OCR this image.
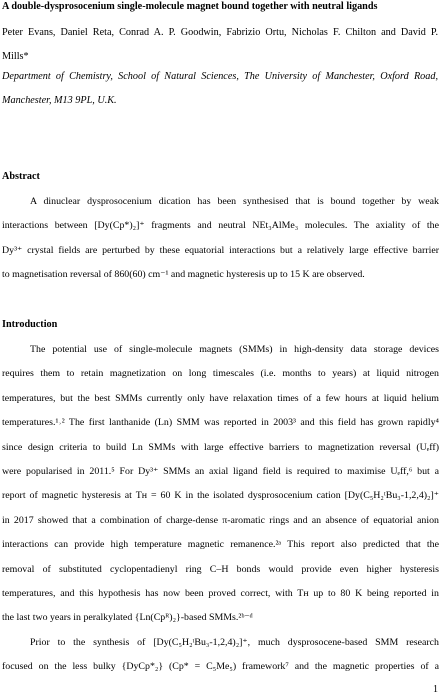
A double-dysprosocenium single-molecule magnet bound together with neutral ligands
Peter Evans, Daniel Reta, Conrad A. P. Goodwin, Fabrizio Ortu, Nicholas F. Chilton and David P.
Mills*
Department of Chemistry, School of Natural Sciences, The University of Manchester, Oxford Road,
Manchester, M13 9PL, U.K.
Abstract
A dinuclear dysprosocenium dication has been synthesised that is bound together by weak
interactions between [Dy(Cp*)₂]⁺ fragments and neutral NEt₃AlMe₃ molecules. The axiality of the
Dy³⁺ crystal fields are perturbed by these equatorial interactions but a relatively large effective barrier
to magnetisation reversal of 860(60) cm⁻¹ and magnetic hysteresis up to 15 K are observed.
Introduction
The potential use of single-molecule magnets (SMMs) in high-density data storage devices
requires them to retain magnetization on long timescales (i.e. months to years) at liquid nitrogen
temperatures, but the best SMMs currently only have relaxation times of a few hours at liquid helium
temperatures.¹˒² The first lanthanide (Ln) SMM was reported in 2003³ and this field has grown rapidly⁴
since design criteria to build Ln SMMs with large effective barriers to magnetization reversal (Uₑff)
were popularised in 2011.⁵ For Dy³⁺ SMMs an axial ligand field is required to maximise Uₑff,⁶ but a
report of magnetic hysteresis at Tʜ = 60 K in the isolated dysprosocenium cation [Dy(C₅H₂ᵗBu₃-1,2,4)₂]⁺
in 2017 showed that a combination of charge-dense π-aromatic rings and an absence of equatorial anion
interactions can provide high temperature magnetic remanence.²ᵃ This report also predicted that the
removal of substituted cyclopentadienyl ring C–H bonds would provide even higher hysteresis
temperatures, and this hypothesis has now been proved correct, with Tʜ up to 80 K being reported in
the last two years in peralkylated {Ln(Cpᴿ)₂}-based SMMs.²ᵇ⁻ᵈ
Prior to the synthesis of [Dy(C₅H₂ᵗBu₃-1,2,4)₂]⁺, much dysprosocene-based SMM research
focused on the less bulky {DyCp*₂} (Cp* = C₅Me₅) framework⁷ and the magnetic properties of a
1
